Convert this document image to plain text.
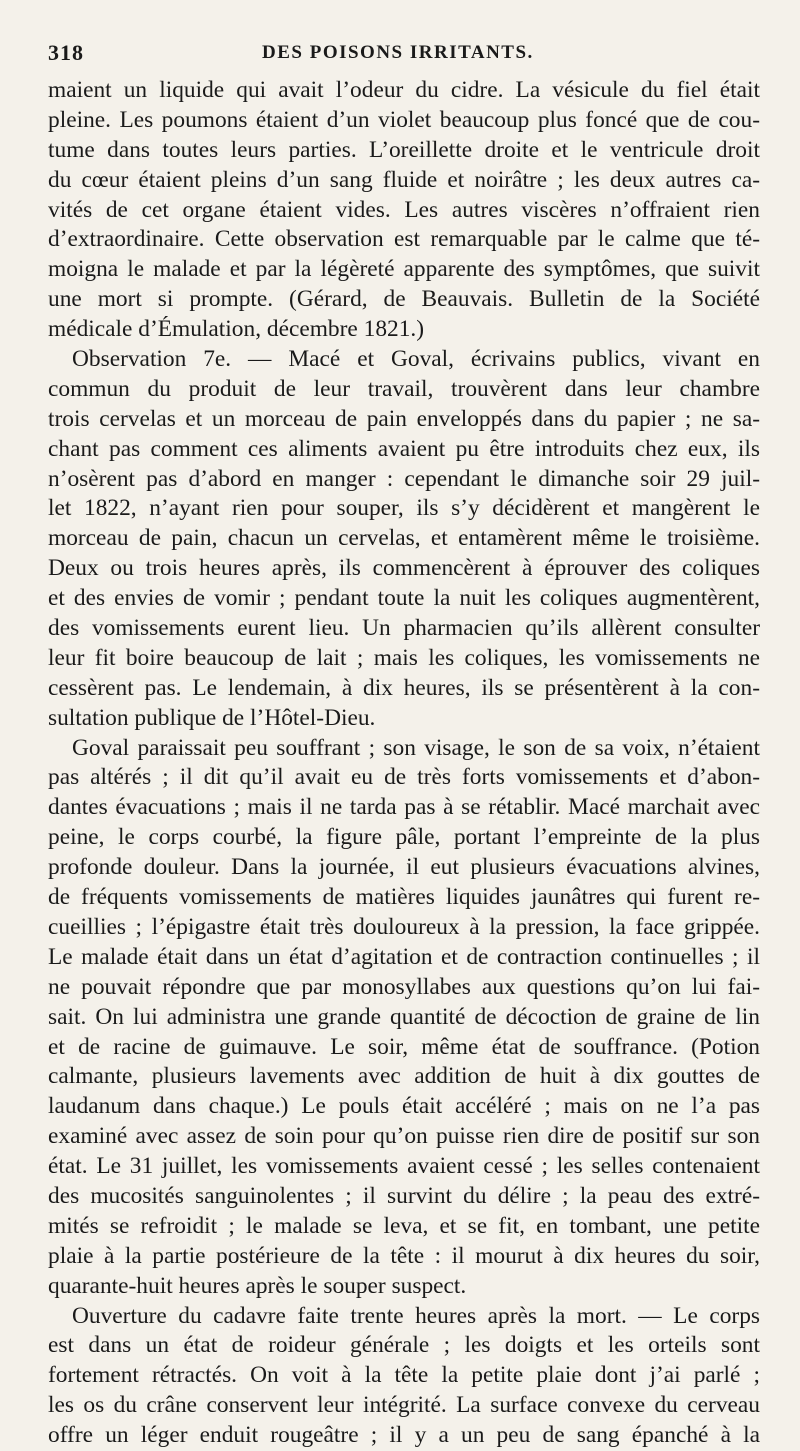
318	DES POISONS IRRITANTS.
maient un liquide qui avait l’odeur du cidre. La vésicule du fiel était
pleine. Les poumons étaient d’un violet beaucoup plus foncé que de cou-
tume dans toutes leurs parties. L’oreillette droite et le ventricule droit
du cœur étaient pleins d’un sang fluide et noirâtre ; les deux autres ca-
vités de cet organe étaient vides. Les autres viscères n’offraient rien
d’extraordinaire. Cette observation est remarquable par le calme que té-
moigna le malade et par la légèreté apparente des symptômes, que suivit
une mort si prompte. (Gérard, de Beauvais. Bulletin de la Société
médicale d’Émulation, décembre 1821.)
Observation 7e. — Macé et Goval, écrivains publics, vivant en
commun du produit de leur travail, trouvèrent dans leur chambre
trois cervelas et un morceau de pain enveloppés dans du papier ; ne sa-
chant pas comment ces aliments avaient pu être introduits chez eux, ils
n’osèrent pas d’abord en manger : cependant le dimanche soir 29 juil-
let 1822, n’ayant rien pour souper, ils s’y décidèrent et mangèrent le
morceau de pain, chacun un cervelas, et entamèrent même le troisième.
Deux ou trois heures après, ils commencèrent à éprouver des coliques
et des envies de vomir ; pendant toute la nuit les coliques augmentèrent,
des vomissements eurent lieu. Un pharmacien qu’ils allèrent consulter
leur fit boire beaucoup de lait ; mais les coliques, les vomissements ne
cessèrent pas. Le lendemain, à dix heures, ils se présentèrent à la con-
sultation publique de l’Hôtel-Dieu.
Goval paraissait peu souffrant ; son visage, le son de sa voix, n’étaient
pas altérés ; il dit qu’il avait eu de très forts vomissements et d’abon-
dantes évacuations ; mais il ne tarda pas à se rétablir. Macé marchait avec
peine, le corps courbé, la figure pâle, portant l’empreinte de la plus
profonde douleur. Dans la journée, il eut plusieurs évacuations alvines,
de fréquents vomissements de matières liquides jaunâtres qui furent re-
cueillies ; l’épigastre était très douloureux à la pression, la face grippée.
Le malade était dans un état d’agitation et de contraction continuelles ; il
ne pouvait répondre que par monosyllabes aux questions qu’on lui fai-
sait. On lui administra une grande quantité de décoction de graine de lin
et de racine de guimauve. Le soir, même état de souffrance. (Potion
calmante, plusieurs lavements avec addition de huit à dix gouttes de
laudanum dans chaque.) Le pouls était accéléré ; mais on ne l’a pas
examiné avec assez de soin pour qu’on puisse rien dire de positif sur son
état. Le 31 juillet, les vomissements avaient cessé ; les selles contenaient
des mucosités sanguinolentes ; il survint du délire ; la peau des extré-
mités se refroidit ; le malade se leva, et se fit, en tombant, une petite
plaie à la partie postérieure de la tête : il mourut à dix heures du soir,
quarante-huit heures après le souper suspect.
Ouverture du cadavre faite trente heures après la mort. — Le corps
est dans un état de roideur générale ; les doigts et les orteils sont
fortement rétractés. On voit à la tête la petite plaie dont j’ai parlé ;
les os du crâne conservent leur intégrité. La surface convexe du cerveau
offre un léger enduit rougeâtre ; il y a un peu de sang épanché à la
